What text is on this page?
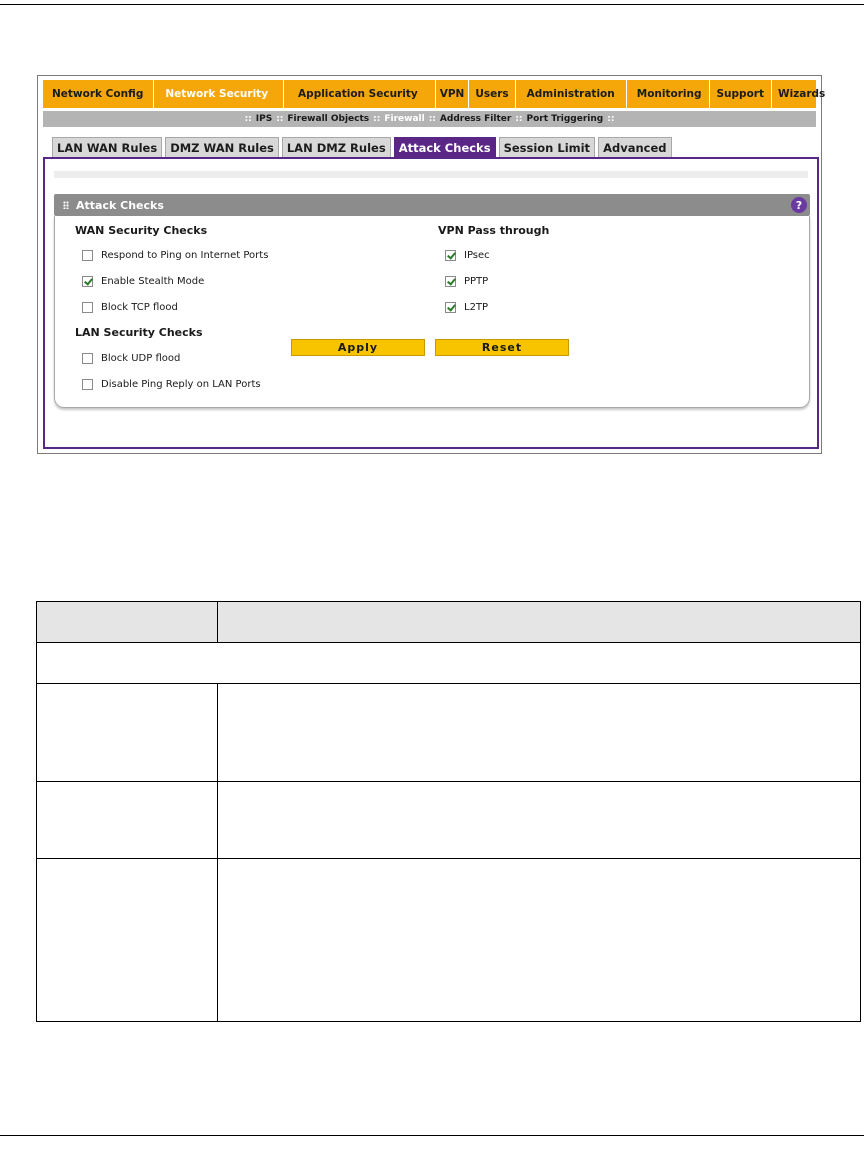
Network Config	Network Security	Application Security	VPN	Users	Administration	Monitoring	Support	Wizards
:: IPS :: Firewall Objects :: Firewall :: Address Filter :: Port Triggering ::
LAN WAN Rules	DMZ WAN Rules	LAN DMZ Rules	Attack Checks	Session Limit	Advanced
Attack Checks	?
WAN Security Checks
Respond to Ping on Internet Ports
Enable Stealth Mode
Block TCP flood
LAN Security Checks
Block UDP flood
Disable Ping Reply on LAN Ports
VPN Pass through
IPsec
PPTP
L2TP
Apply	Reset
